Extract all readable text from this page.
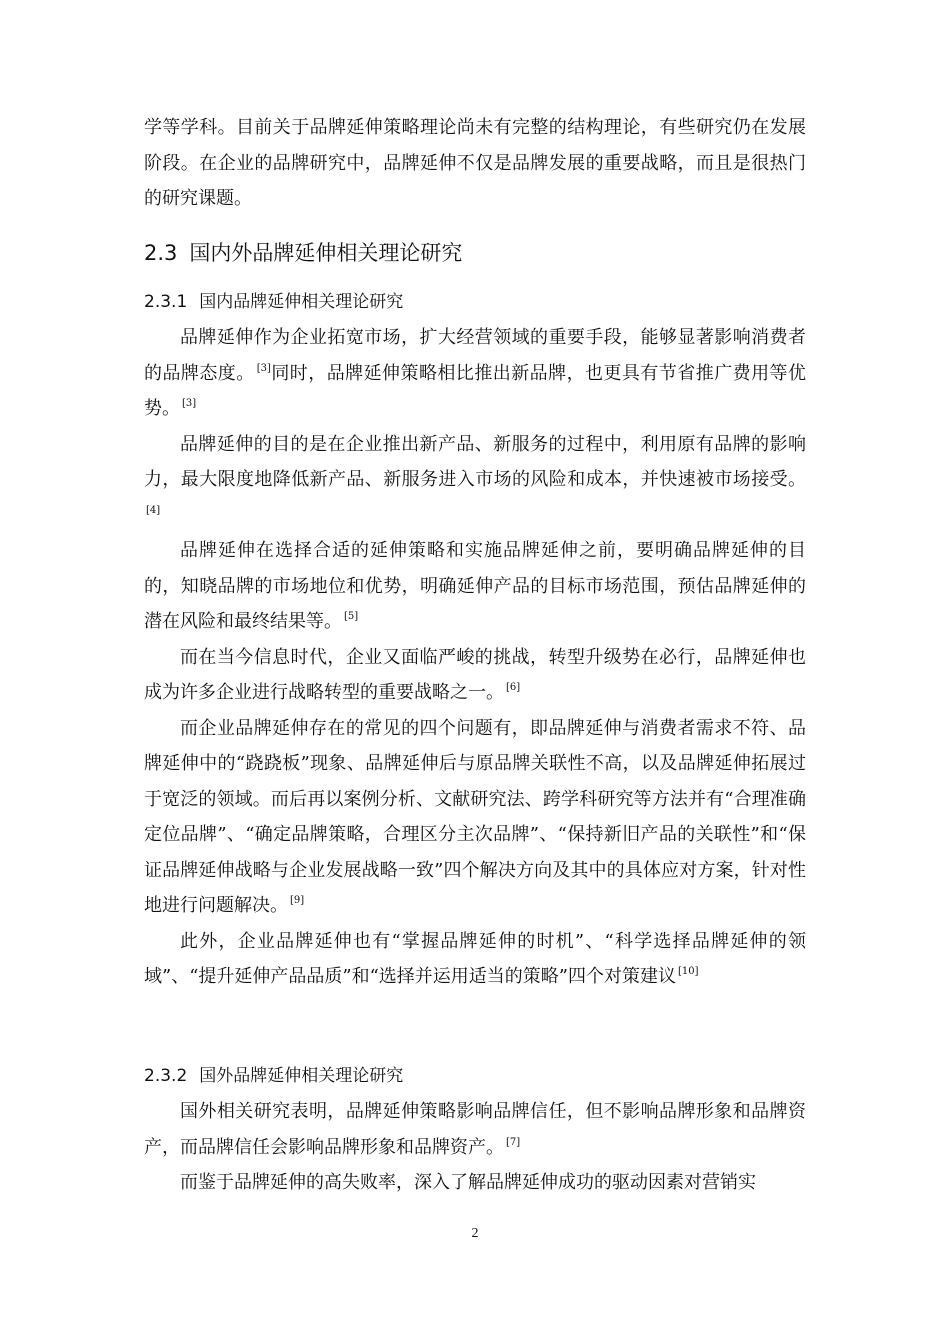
学等学科。目前关于品牌延伸策略理论尚未有完整的结构理论，有些研究仍在发展阶段。在企业的品牌研究中，品牌延伸不仅是品牌发展的重要战略，而且是很热门的研究课题。

2.3 国内外品牌延伸相关理论研究

2.3.1 国内品牌延伸相关理论研究

品牌延伸作为企业拓宽市场，扩大经营领域的重要手段，能够显著影响消费者的品牌态度。 [3]同时，品牌延伸策略相比推出新品牌，也更具有节省推广费用等优势。 [3]

品牌延伸的目的是在企业推出新产品、新服务的过程中，利用原有品牌的影响力，最大限度地降低新产品、新服务进入市场的风险和成本，并快速被市场接受。[4]

品牌延伸在选择合适的延伸策略和实施品牌延伸之前，要明确品牌延伸的目的，知晓品牌的市场地位和优势，明确延伸产品的目标市场范围，预估品牌延伸的潜在风险和最终结果等。 [5]

而在当今信息时代，企业又面临严峻的挑战，转型升级势在必行，品牌延伸也成为许多企业进行战略转型的重要战略之一。 [6]

而企业品牌延伸存在的常见的四个问题有，即品牌延伸与消费者需求不符、品牌延伸中的“跷跷板”现象、品牌延伸后与原品牌关联性不高，以及品牌延伸拓展过于宽泛的领域。而后再以案例分析、文献研究法、跨学科研究等方法并有“合理准确定位品牌”、“确定品牌策略，合理区分主次品牌”、“保持新旧产品的关联性”和“保证品牌延伸战略与企业发展战略一致”四个解决方向及其中的具体应对方案，针对性地进行问题解决。 [9]

此外，企业品牌延伸也有“掌握品牌延伸的时机”、“科学选择品牌延伸的领域”、“提升延伸产品品质”和“选择并运用适当的策略”四个对策建议 [10]

2.3.2 国外品牌延伸相关理论研究

国外相关研究表明，品牌延伸策略影响品牌信任，但不影响品牌形象和品牌资产，而品牌信任会影响品牌形象和品牌资产。 [7]

而鉴于品牌延伸的高失败率，深入了解品牌延伸成功的驱动因素对营销实

2
